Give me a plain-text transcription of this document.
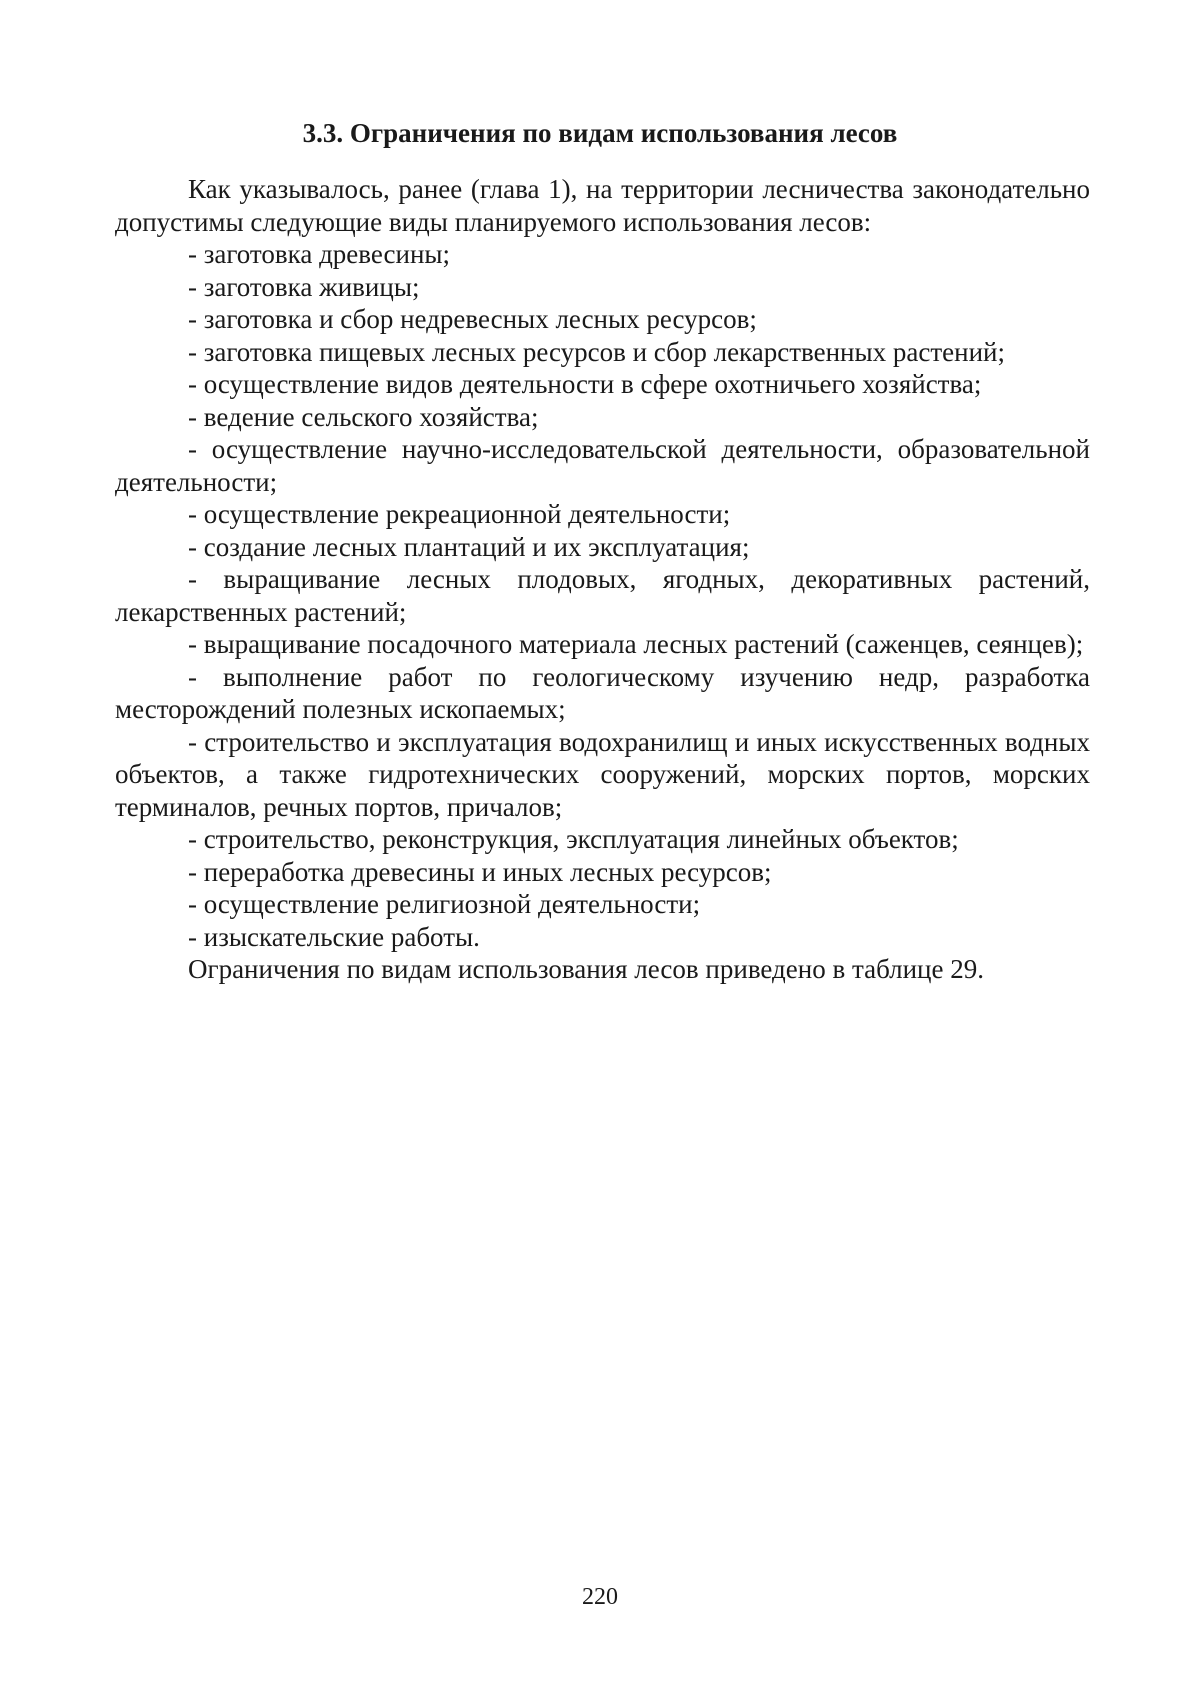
3.3. Ограничения по видам использования лесов

Как указывалось, ранее (глава 1), на территории лесничества законодательно допустимы следующие виды планируемого использования лесов:

- заготовка древесины;

- заготовка живицы;

- заготовка и сбор недревесных лесных ресурсов;

- заготовка пищевых лесных ресурсов и сбор лекарственных растений;

- осуществление видов деятельности в сфере охотничьего хозяйства;

- ведение сельского хозяйства;

- осуществление научно-исследовательской деятельности, образовательной деятельности;

- осуществление рекреационной деятельности;

- создание лесных плантаций и их эксплуатация;

- выращивание лесных плодовых, ягодных, декоративных растений, лекарственных растений;

- выращивание посадочного материала лесных растений (саженцев, сеянцев);

- выполнение работ по геологическому изучению недр, разработка месторождений полезных ископаемых;

- строительство и эксплуатация водохранилищ и иных искусственных водных объектов, а также гидротехнических сооружений, морских портов, морских терминалов, речных портов, причалов;

- строительство, реконструкция, эксплуатация линейных объектов;

- переработка древесины и иных лесных ресурсов;

- осуществление религиозной деятельности;

- изыскательские работы.

Ограничения по видам использования лесов приведено в таблице 29.

220
